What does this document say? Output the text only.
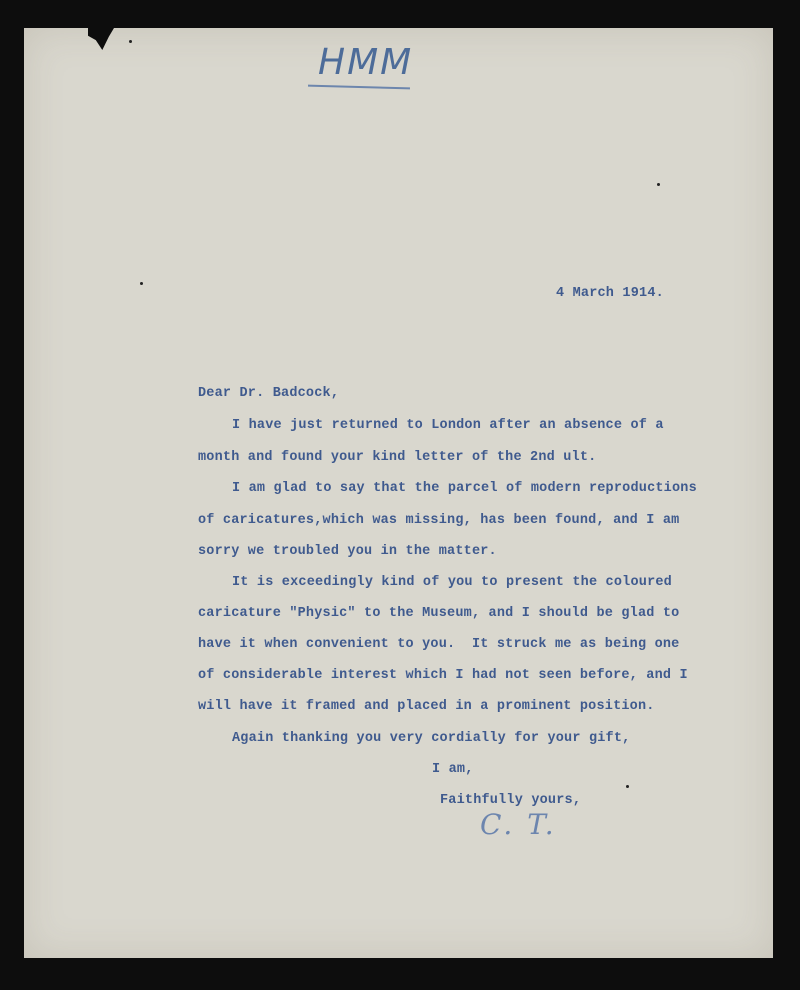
HMM
4 March 1914.
Dear Dr. Badcock,
I have just returned to London after an absence of a
month and found your kind letter of the 2nd ult.
I am glad to say that the parcel of modern reproductions
of caricatures,which was missing, has been found, and I am
sorry we troubled you in the matter.
It is exceedingly kind of you to present the coloured
caricature "Physic" to the Museum, and I should be glad to
have it when convenient to you.  It struck me as being one
of considerable interest which I had not seen before, and I
will have it framed and placed in a prominent position.
Again thanking you very cordially for your gift,
I am,
Faithfully yours,
C. T.
